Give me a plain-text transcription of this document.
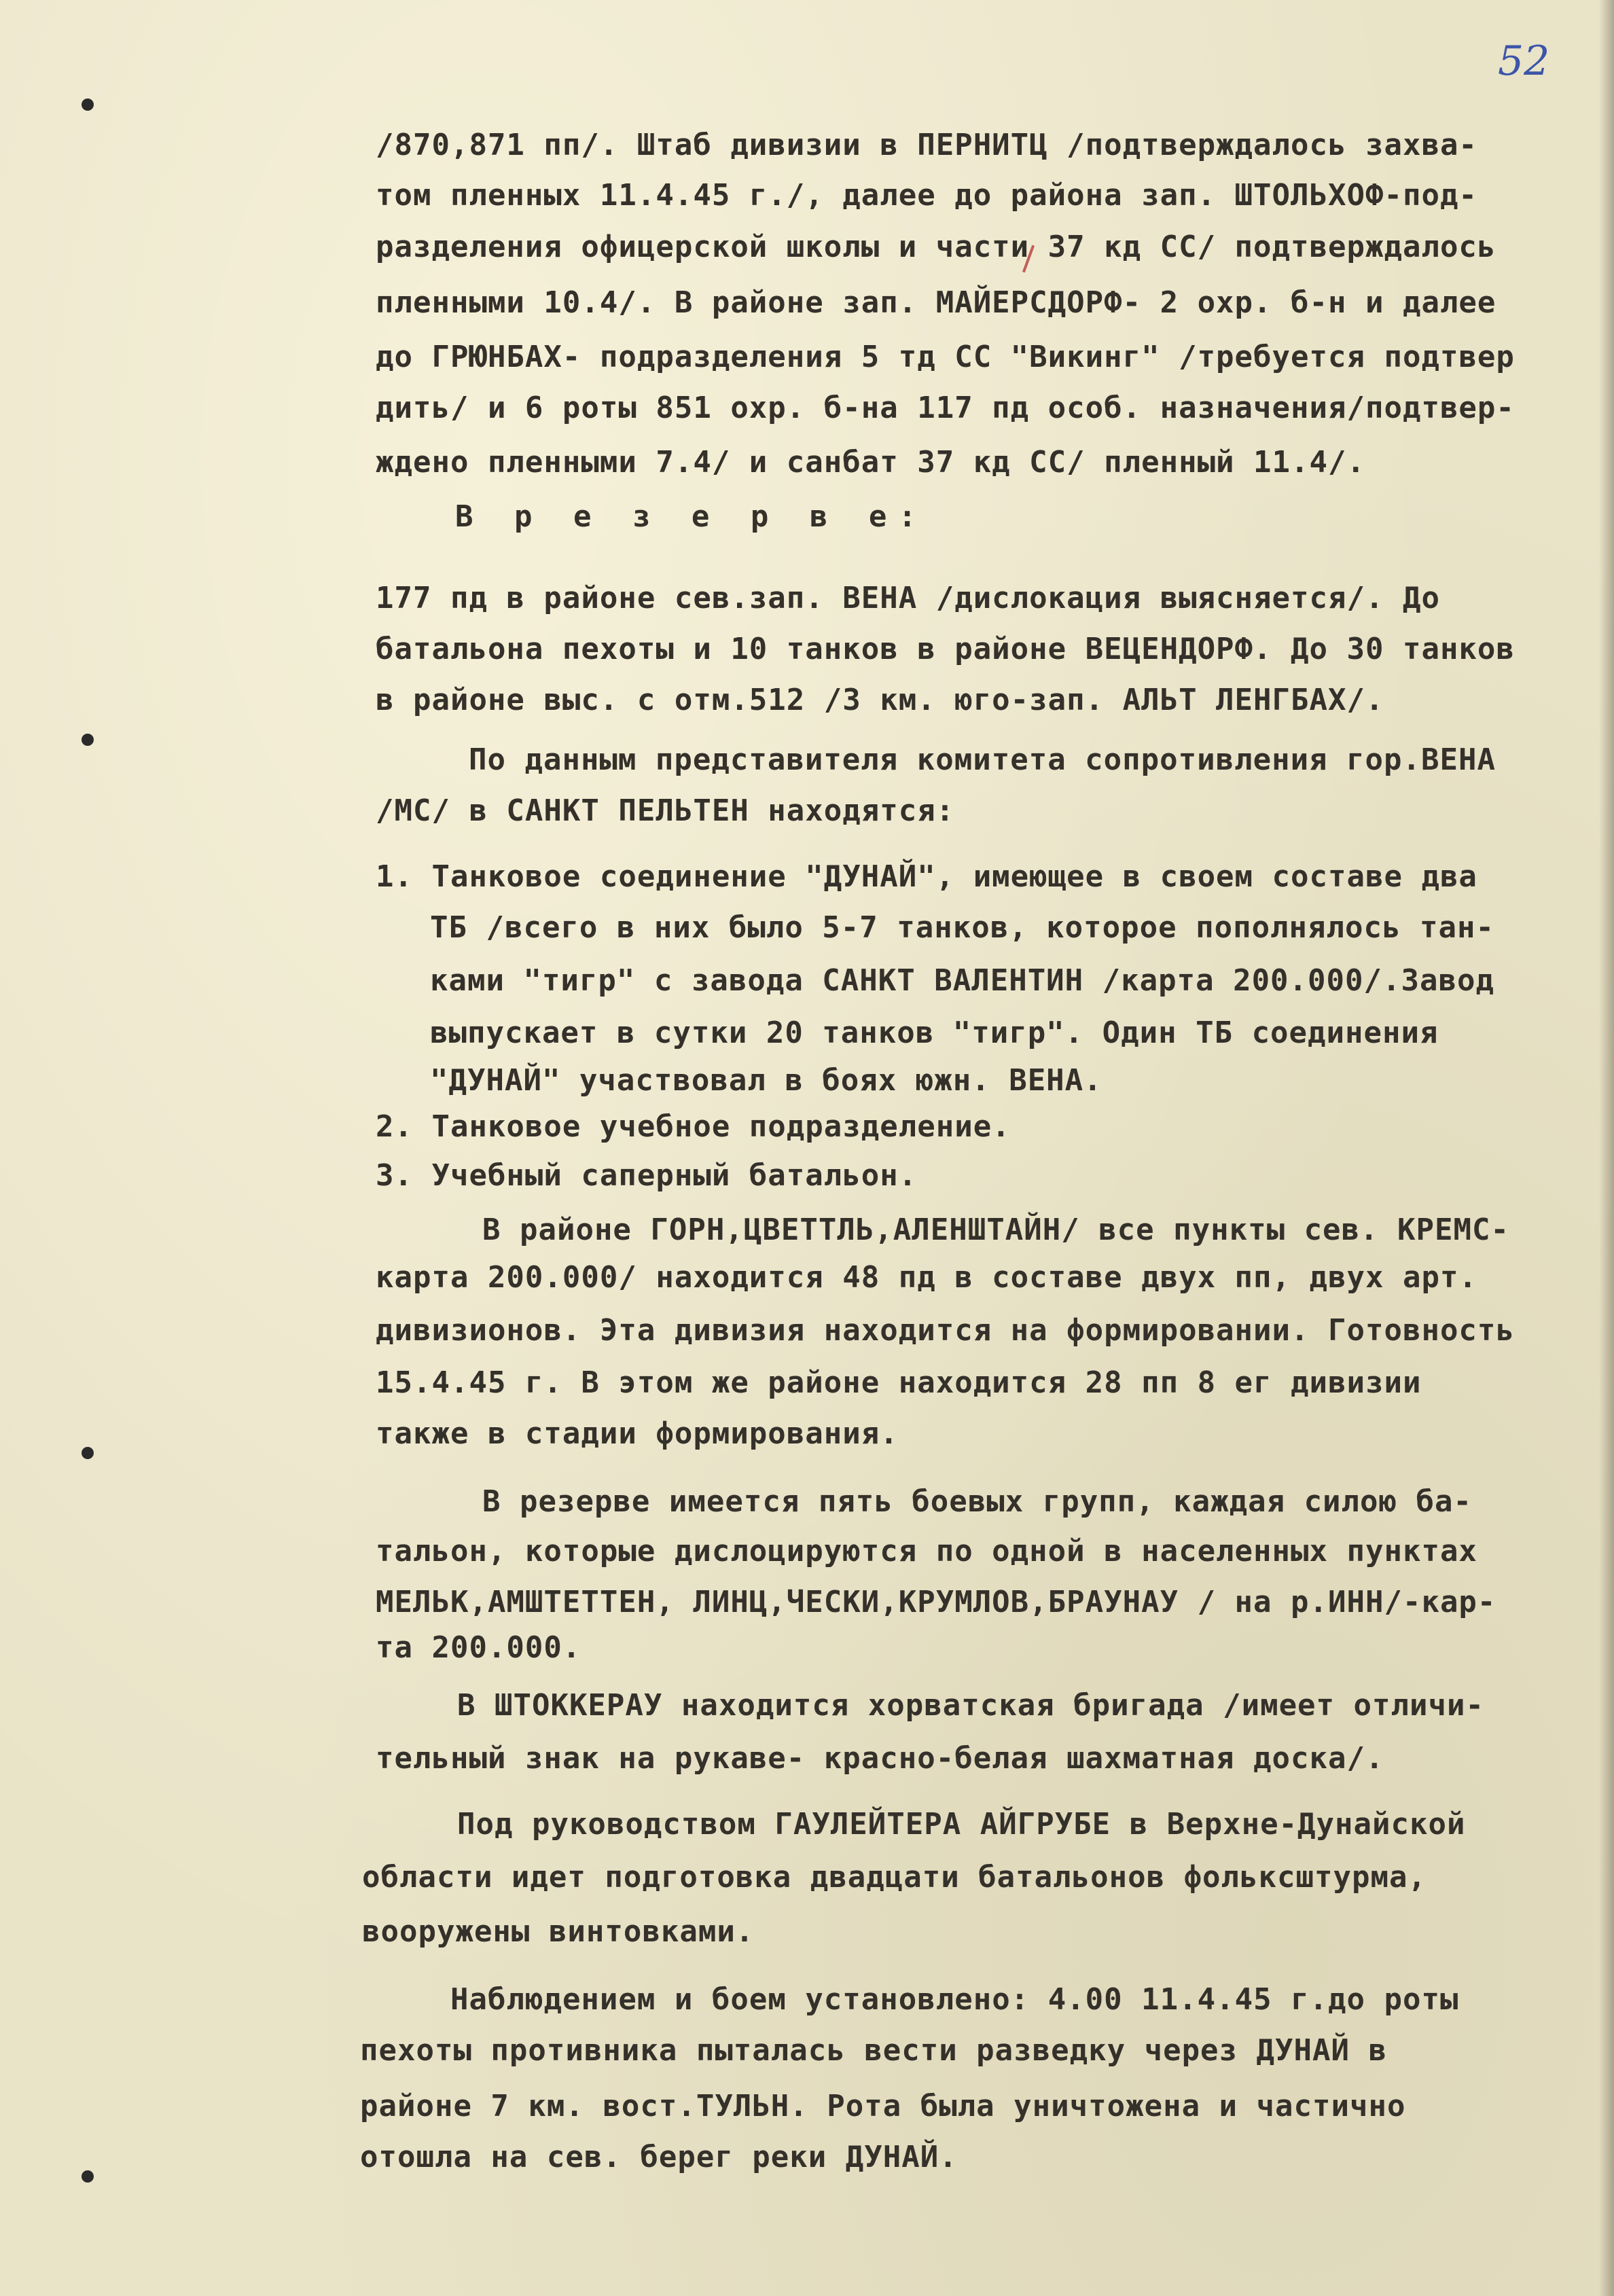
52
/870,871 пп/. Штаб дивизии в ПЕРНИТЦ /подтверждалось захва-
том пленных 11.4.45 г./, далее до района зап. ШТОЛЬХОФ-под-
разделения офицерской школы и части 37 кд СС/ подтверждалось
пленными 10.4/. В районе зап. МАЙЕРСДОРФ- 2 охр. б-н и далее
до ГРЮНБАХ- подразделения 5 тд СС "Викинг" /требуется подтвер
дить/ и 6 роты 851 охр. б-на 117 пд особ. назначения/подтвер-
ждено пленными 7.4/ и санбат 37 кд СС/ пленный 11.4/.
В р е з е р в е:
177 пд в районе сев.зап. ВЕНА /дислокация выясняется/. До
батальона пехоты и 10 танков в районе ВЕЦЕНДОРФ. До 30 танков
в районе выс. с отм.512 /3 км. юго-зап. АЛЬТ ЛЕНГБАХ/.
По данным представителя комитета сопротивления гор.ВЕНА
/МС/ в САНКТ ПЕЛЬТЕН находятся:
1. Танковое соединение "ДУНАЙ", имеющее в своем составе два
ТБ /всего в них было 5-7 танков, которое пополнялось тан-
ками "тигр" с завода САНКТ ВАЛЕНТИН /карта 200.000/.Завод
выпускает в сутки 20 танков "тигр". Один ТБ соединения
"ДУНАЙ" участвовал в боях южн. ВЕНА.
2. Танковое учебное подразделение.
3. Учебный саперный батальон.
В районе ГОРН,ЦВЕТТЛЬ,АЛЕНШТАЙН/ все пункты сев. КРЕМС-
карта 200.000/ находится 48 пд в составе двух пп, двух арт.
дивизионов. Эта дивизия находится на формировании. Готовность
15.4.45 г. В этом же районе находится 28 пп 8 ег дивизии
также в стадии формирования.
В резерве имеется пять боевых групп, каждая силою ба-
тальон, которые дислоцируются по одной в населенных пунктах
МЕЛЬК,АМШТЕТТЕН, ЛИНЦ,ЧЕСКИ,КРУМЛОВ,БРАУНАУ / на р.ИНН/-кар-
та 200.000.
В ШТОККЕРАУ находится хорватская бригада /имеет отличи-
тельный знак на рукаве- красно-белая шахматная доска/.
Под руководством ГАУЛЕЙТЕРА АЙГРУБЕ в Верхне-Дунайской
области идет подготовка двадцати батальонов фольксштурма,
вооружены винтовками.
Наблюдением и боем установлено: 4.00 11.4.45 г.до роты
пехоты противника пыталась вести разведку через ДУНАЙ в
районе 7 км. вост.ТУЛЬН. Рота была уничтожена и частично
отошла на сев. берег реки ДУНАЙ.
